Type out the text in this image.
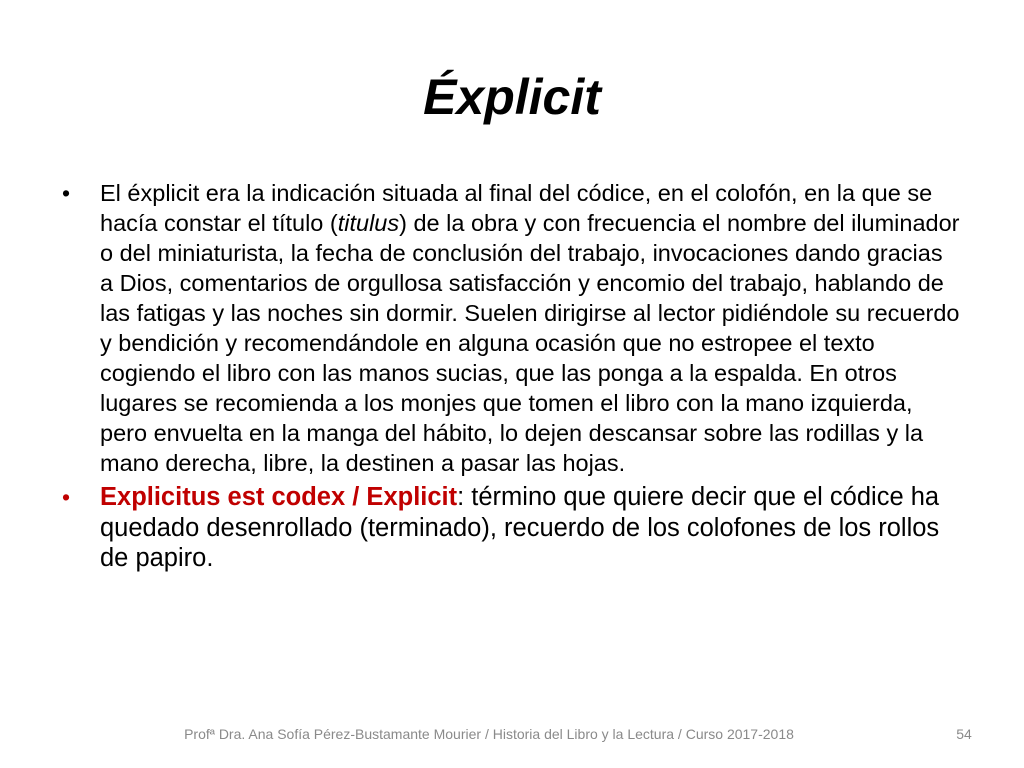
Éxplicit
• El éxplicit era la indicación situada al final del códice, en el colofón, en la que se hacía constar el título (titulus) de la obra y con frecuencia el nombre del iluminador o del miniaturista, la fecha de conclusión del trabajo, invocaciones dando gracias a Dios, comentarios de orgullosa satisfacción y encomio del trabajo, hablando de las fatigas y las noches sin dormir. Suelen dirigirse al lector pidiéndole su recuerdo y bendición y recomendándole en alguna ocasión que no estropee el texto cogiendo el libro con las manos sucias, que las ponga a la espalda. En otros lugares se recomienda a los monjes que tomen el libro con la mano izquierda, pero envuelta en la manga del hábito, lo dejen descansar sobre las rodillas y la mano derecha, libre, la destinen a pasar las hojas.
• Explicitus est codex / Explicit: término que quiere decir que el códice ha quedado desenrollado (terminado), recuerdo de los colofones de los rollos de papiro.
Profª Dra. Ana Sofía Pérez-Bustamante Mourier / Historia del Libro y la Lectura / Curso 2017-2018	54
